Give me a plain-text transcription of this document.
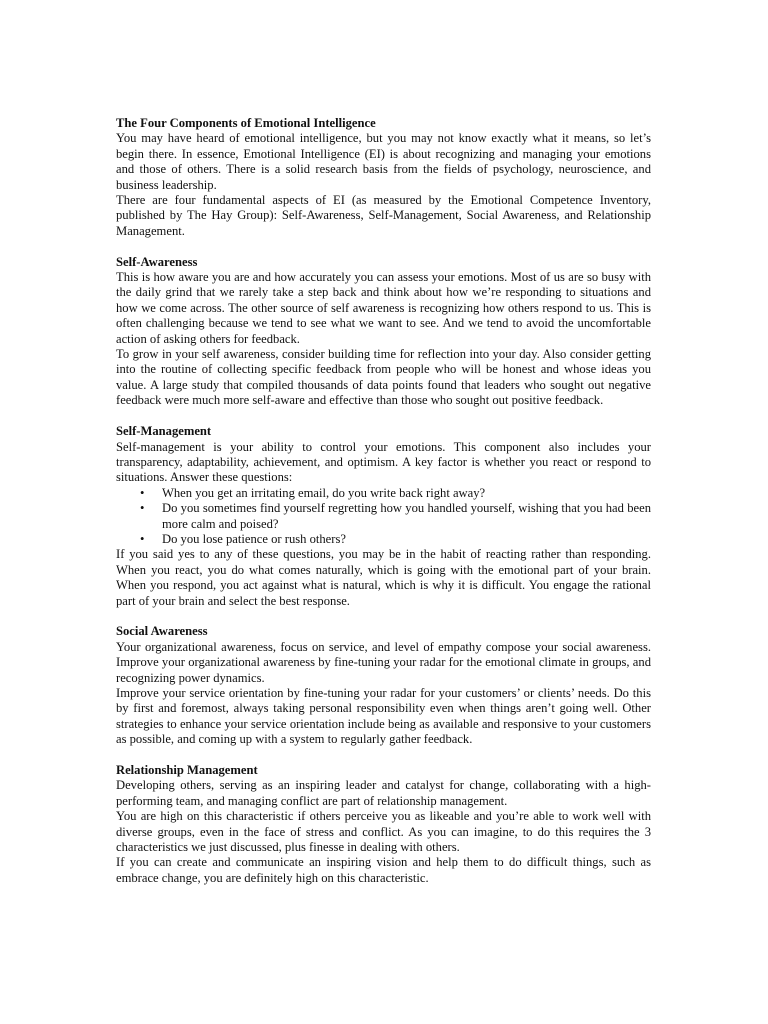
The Four Components of Emotional Intelligence

You may have heard of emotional intelligence, but you may not know exactly what it means, so let’s begin there. In essence, Emotional Intelligence (EI) is about recognizing and managing your emotions and those of others. There is a solid research basis from the fields of psychology, neuroscience, and business leadership.

There are four fundamental aspects of EI (as measured by the Emotional Competence Inventory, published by The Hay Group): Self-Awareness, Self-Management, Social Awareness, and Relationship Management.

Self-Awareness

This is how aware you are and how accurately you can assess your emotions. Most of us are so busy with the daily grind that we rarely take a step back and think about how we’re responding to situations and how we come across. The other source of self awareness is recognizing how others respond to us. This is often challenging because we tend to see what we want to see. And we tend to avoid the uncomfortable action of asking others for feedback.

To grow in your self awareness, consider building time for reflection into your day. Also consider getting into the routine of collecting specific feedback from people who will be honest and whose ideas you value. A large study that compiled thousands of data points found that leaders who sought out negative feedback were much more self-aware and effective than those who sought out positive feedback.

Self-Management

Self-management is your ability to control your emotions. This component also includes your transparency, adaptability, achievement, and optimism. A key factor is whether you react or respond to situations. Answer these questions:

• When you get an irritating email, do you write back right away?
• Do you sometimes find yourself regretting how you handled yourself, wishing that you had been more calm and poised?
• Do you lose patience or rush others?

If you said yes to any of these questions, you may be in the habit of reacting rather than responding. When you react, you do what comes naturally, which is going with the emotional part of your brain. When you respond, you act against what is natural, which is why it is difficult. You engage the rational part of your brain and select the best response.

Social Awareness

Your organizational awareness, focus on service, and level of empathy compose your social awareness. Improve your organizational awareness by fine-tuning your radar for the emotional climate in groups, and recognizing power dynamics.

Improve your service orientation by fine-tuning your radar for your customers’ or clients’ needs. Do this by first and foremost, always taking personal responsibility even when things aren’t going well. Other strategies to enhance your service orientation include being as available and responsive to your customers as possible, and coming up with a system to regularly gather feedback.

Relationship Management

Developing others, serving as an inspiring leader and catalyst for change, collaborating with a high-performing team, and managing conflict are part of relationship management.

You are high on this characteristic if others perceive you as likeable and you’re able to work well with diverse groups, even in the face of stress and conflict. As you can imagine, to do this requires the 3 characteristics we just discussed, plus finesse in dealing with others.

If you can create and communicate an inspiring vision and help them to do difficult things, such as embrace change, you are definitely high on this characteristic.
